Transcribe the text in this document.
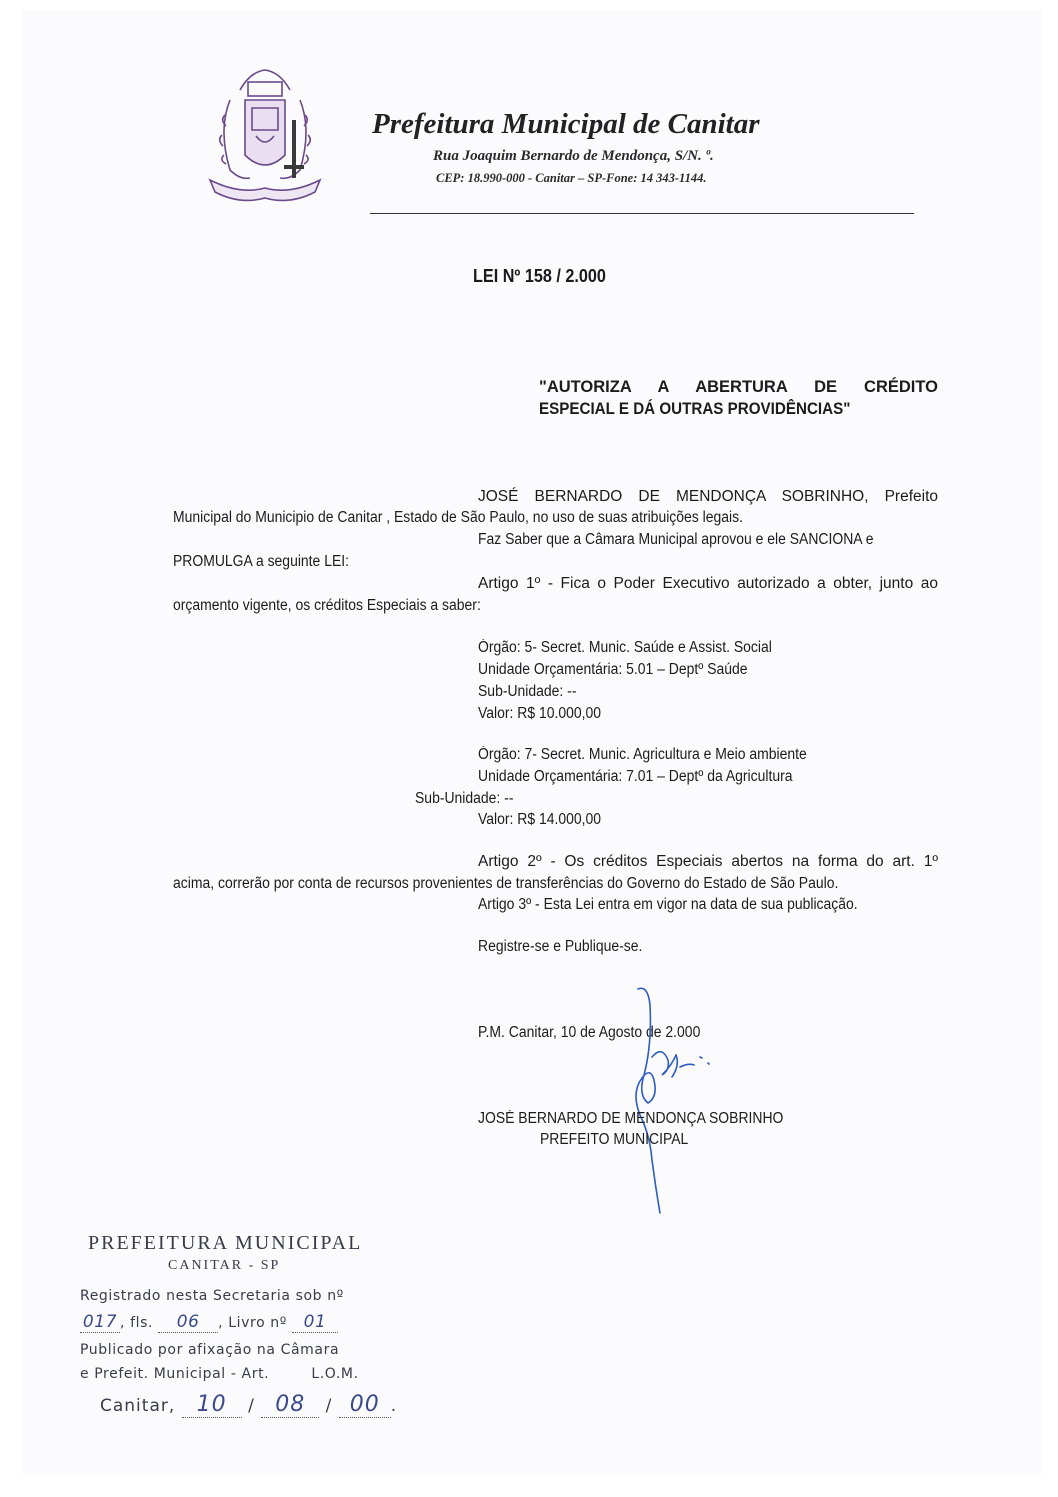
Prefeitura Municipal de Canitar
Rua Joaquim Bernardo de Mendonça, S/N. º.
CEP: 18.990-000 - Canitar – SP-Fone: 14 343-1144.
LEI Nº 158 / 2.000
"AUTORIZA A ABERTURA DE CRÉDITO
ESPECIAL E DÁ OUTRAS PROVIDÊNCIAS"
JOSÉ BERNARDO DE MENDONÇA SOBRINHO, Prefeito
Municipal do Municipio de Canitar , Estado de São Paulo, no uso de suas atribuições legais.
Faz Saber que a Câmara Municipal aprovou e ele SANCIONA e
PROMULGA a seguinte LEI:
Artigo 1º - Fica o Poder Executivo autorizado a obter, junto ao
orçamento vigente, os créditos Especiais a saber:
Órgão: 5- Secret. Munic. Saúde e Assist. Social
Unidade Orçamentária: 5.01 – Deptº Saúde
Sub-Unidade: --
Valor: R$ 10.000,00
Órgão: 7- Secret. Munic. Agricultura e Meio ambiente
Unidade Orçamentária: 7.01 – Deptº da Agricultura
Sub-Unidade: --
Valor: R$ 14.000,00
Artigo 2º - Os créditos Especiais abertos na forma do art. 1º
acima, correrão por conta de recursos provenientes de transferências do Governo do Estado de São Paulo.
Artigo 3º - Esta Lei entra em vigor na data de sua publicação.
Registre-se e Publique-se.
P.M. Canitar, 10 de Agosto de 2.000
JOSÉ BERNARDO DE MENDONÇA SOBRINHO
PREFEITO MUNICIPAL
PREFEITURA MUNICIPAL
CANITAR - SP
Registrado nesta Secretaria sob nº
017 , fls. 06 , Livro nº 01
Publicado por afixação na Câmara
e Prefeit. Municipal - Art.	L.O.M.
Canitar, 10 / 08 / 00 .
